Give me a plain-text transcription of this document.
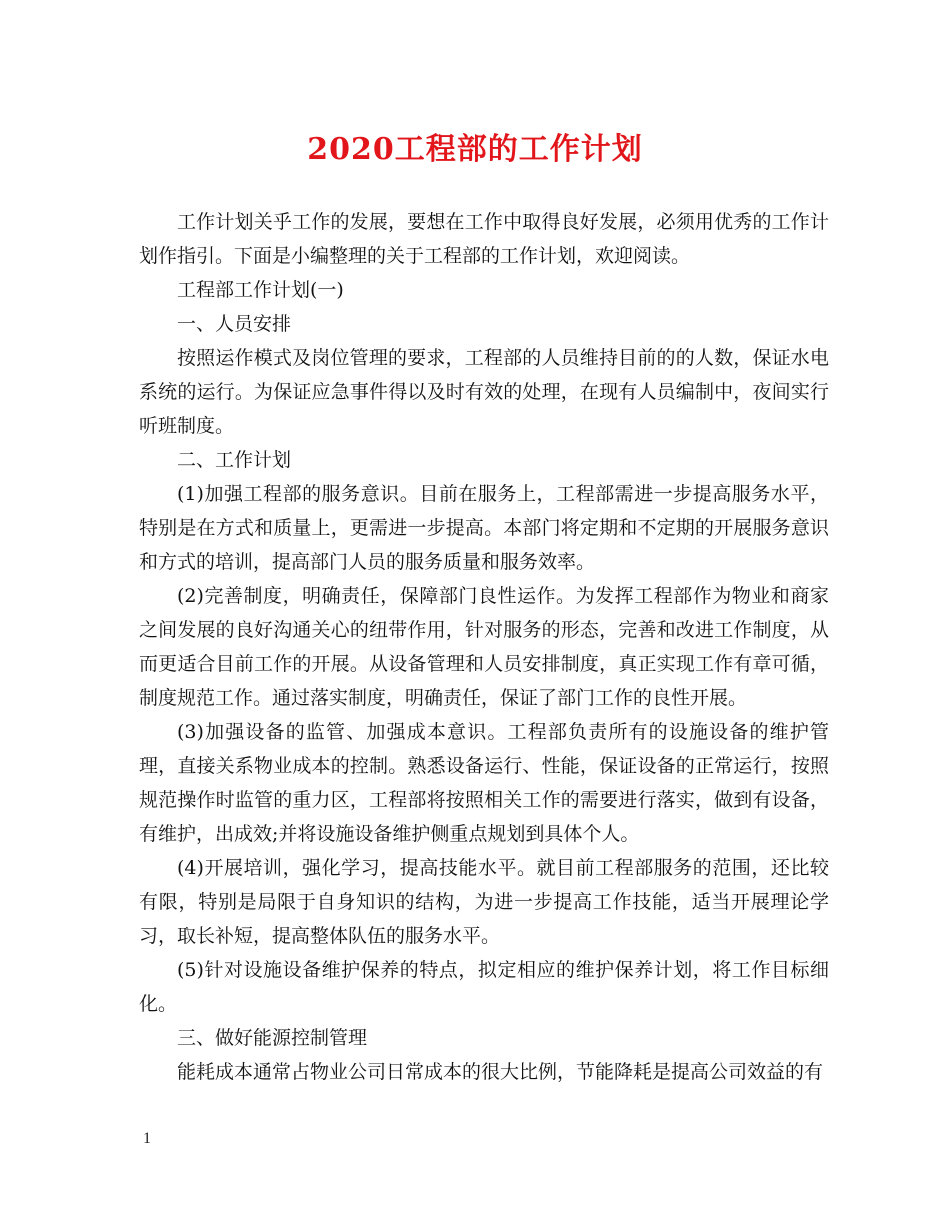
2020工程部的工作计划

工作计划关乎工作的发展，要想在工作中取得良好发展，必须用优秀的工作计划作指引。下面是小编整理的关于工程部的工作计划，欢迎阅读。

工程部工作计划(一)

一、人员安排

按照运作模式及岗位管理的要求，工程部的人员维持目前的的人数，保证水电系统的运行。为保证应急事件得以及时有效的处理，在现有人员编制中，夜间实行听班制度。

二、工作计划

(1)加强工程部的服务意识。目前在服务上，工程部需进一步提高服务水平，特别是在方式和质量上，更需进一步提高。本部门将定期和不定期的开展服务意识和方式的培训，提高部门人员的服务质量和服务效率。

(2)完善制度，明确责任，保障部门良性运作。为发挥工程部作为物业和商家之间发展的良好沟通关心的纽带作用，针对服务的形态，完善和改进工作制度，从而更适合目前工作的开展。从设备管理和人员安排制度，真正实现工作有章可循，制度规范工作。通过落实制度，明确责任，保证了部门工作的良性开展。

(3)加强设备的监管、加强成本意识。工程部负责所有的设施设备的维护管理，直接关系物业成本的控制。熟悉设备运行、性能，保证设备的正常运行，按照规范操作时监管的重力区，工程部将按照相关工作的需要进行落实，做到有设备，有维护，出成效;并将设施设备维护侧重点规划到具体个人。

(4)开展培训，强化学习，提高技能水平。就目前工程部服务的范围，还比较有限，特别是局限于自身知识的结构，为进一步提高工作技能，适当开展理论学习，取长补短，提高整体队伍的服务水平。

(5)针对设施设备维护保养的特点，拟定相应的维护保养计划，将工作目标细化。

三、做好能源控制管理

能耗成本通常占物业公司日常成本的很大比例，节能降耗是提高公司效益的有

1
